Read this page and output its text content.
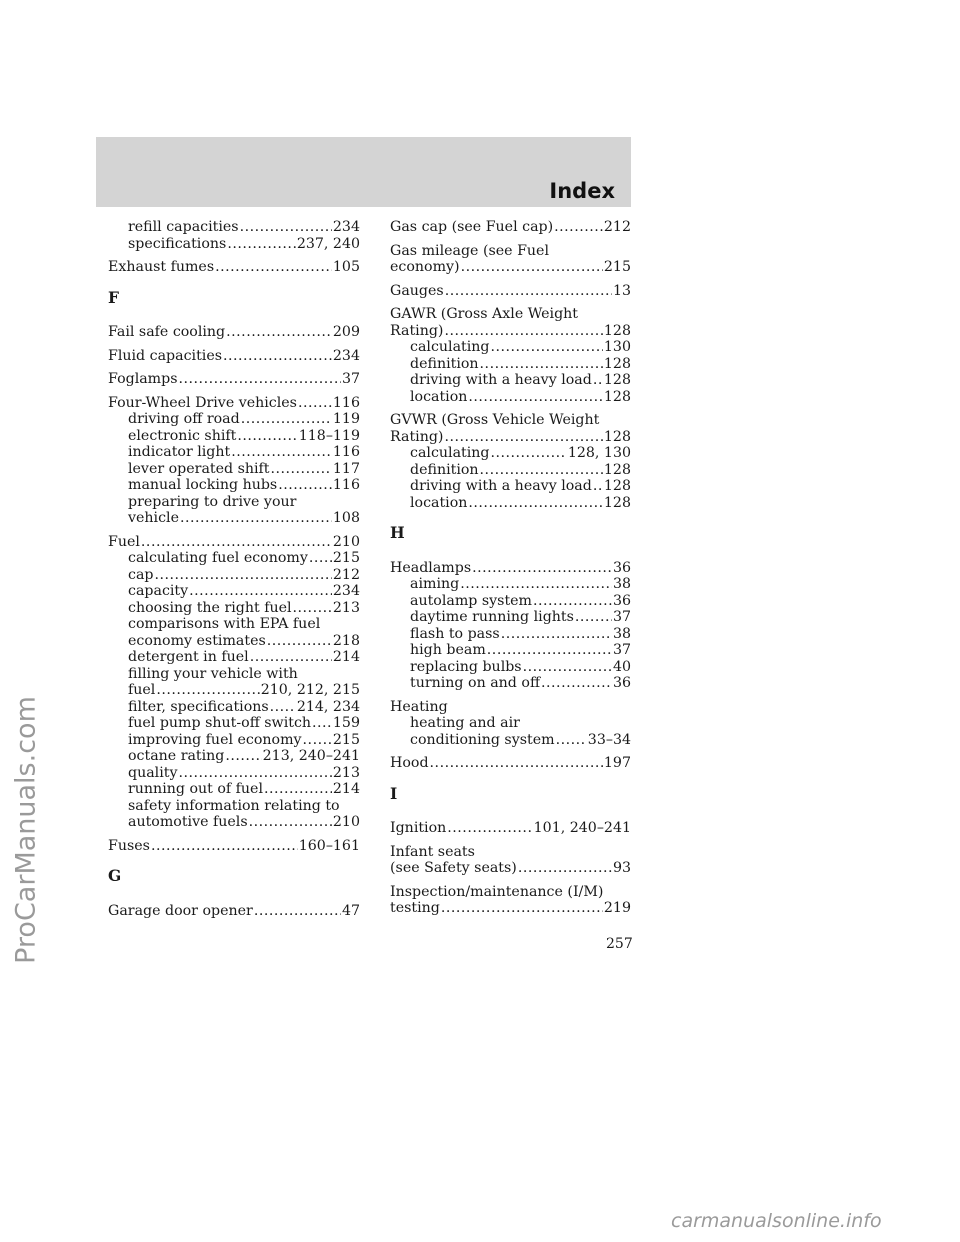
Index
refill capacities .....	234
specifications .....	237, 240
Exhaust fumes .....	105
F
Fail safe cooling .....	209
Fluid capacities .....	234
Foglamps .....	37
Four-Wheel Drive vehicles .....	116
driving off road .....	119
electronic shift .....	118–119
indicator light .....	116
lever operated shift .....	117
manual locking hubs .....	116
preparing to drive your
vehicle .....	108
Fuel .....	210
calculating fuel economy ..... 215
cap .....	212
capacity .....	234
choosing the right fuel .....	213
comparisons with EPA fuel
economy estimates .....	218
detergent in fuel .....	214
filling your vehicle with
fuel .....	210, 212, 215
filter, specifications ..... 214, 234
fuel pump shut-off switch ..... 159
improving fuel economy ..... 215
octane rating .....	213, 240–241
quality .....	213
running out of fuel .....	214
safety information relating to
automotive fuels .....	210
Fuses .....	160–161
G
Garage door opener .....	47
Gas cap (see Fuel cap) .....	212
Gas mileage (see Fuel
economy) .....	215
Gauges .....	13
GAWR (Gross Axle Weight
Rating) .....	128
calculating .....	130
definition .....	128
driving with a heavy load ..... 128
location .....	128
GVWR (Gross Vehicle Weight
Rating) .....	128
calculating .....	128, 130
definition .....	128
driving with a heavy load ..... 128
location .....	128
H
Headlamps .....	36
aiming .....	38
autolamp system .....	36
daytime running lights .....	37
flash to pass .....	38
high beam .....	37
replacing bulbs .....	40
turning on and off .....	36
Heating
heating and air
conditioning system ..... 33–34
Hood .....	197
I
Ignition .....	101, 240–241
Infant seats
(see Safety seats) .....	93
Inspection/maintenance (I/M)
testing .....	219
257
ProCarManuals.com
carmanualsonline.info
